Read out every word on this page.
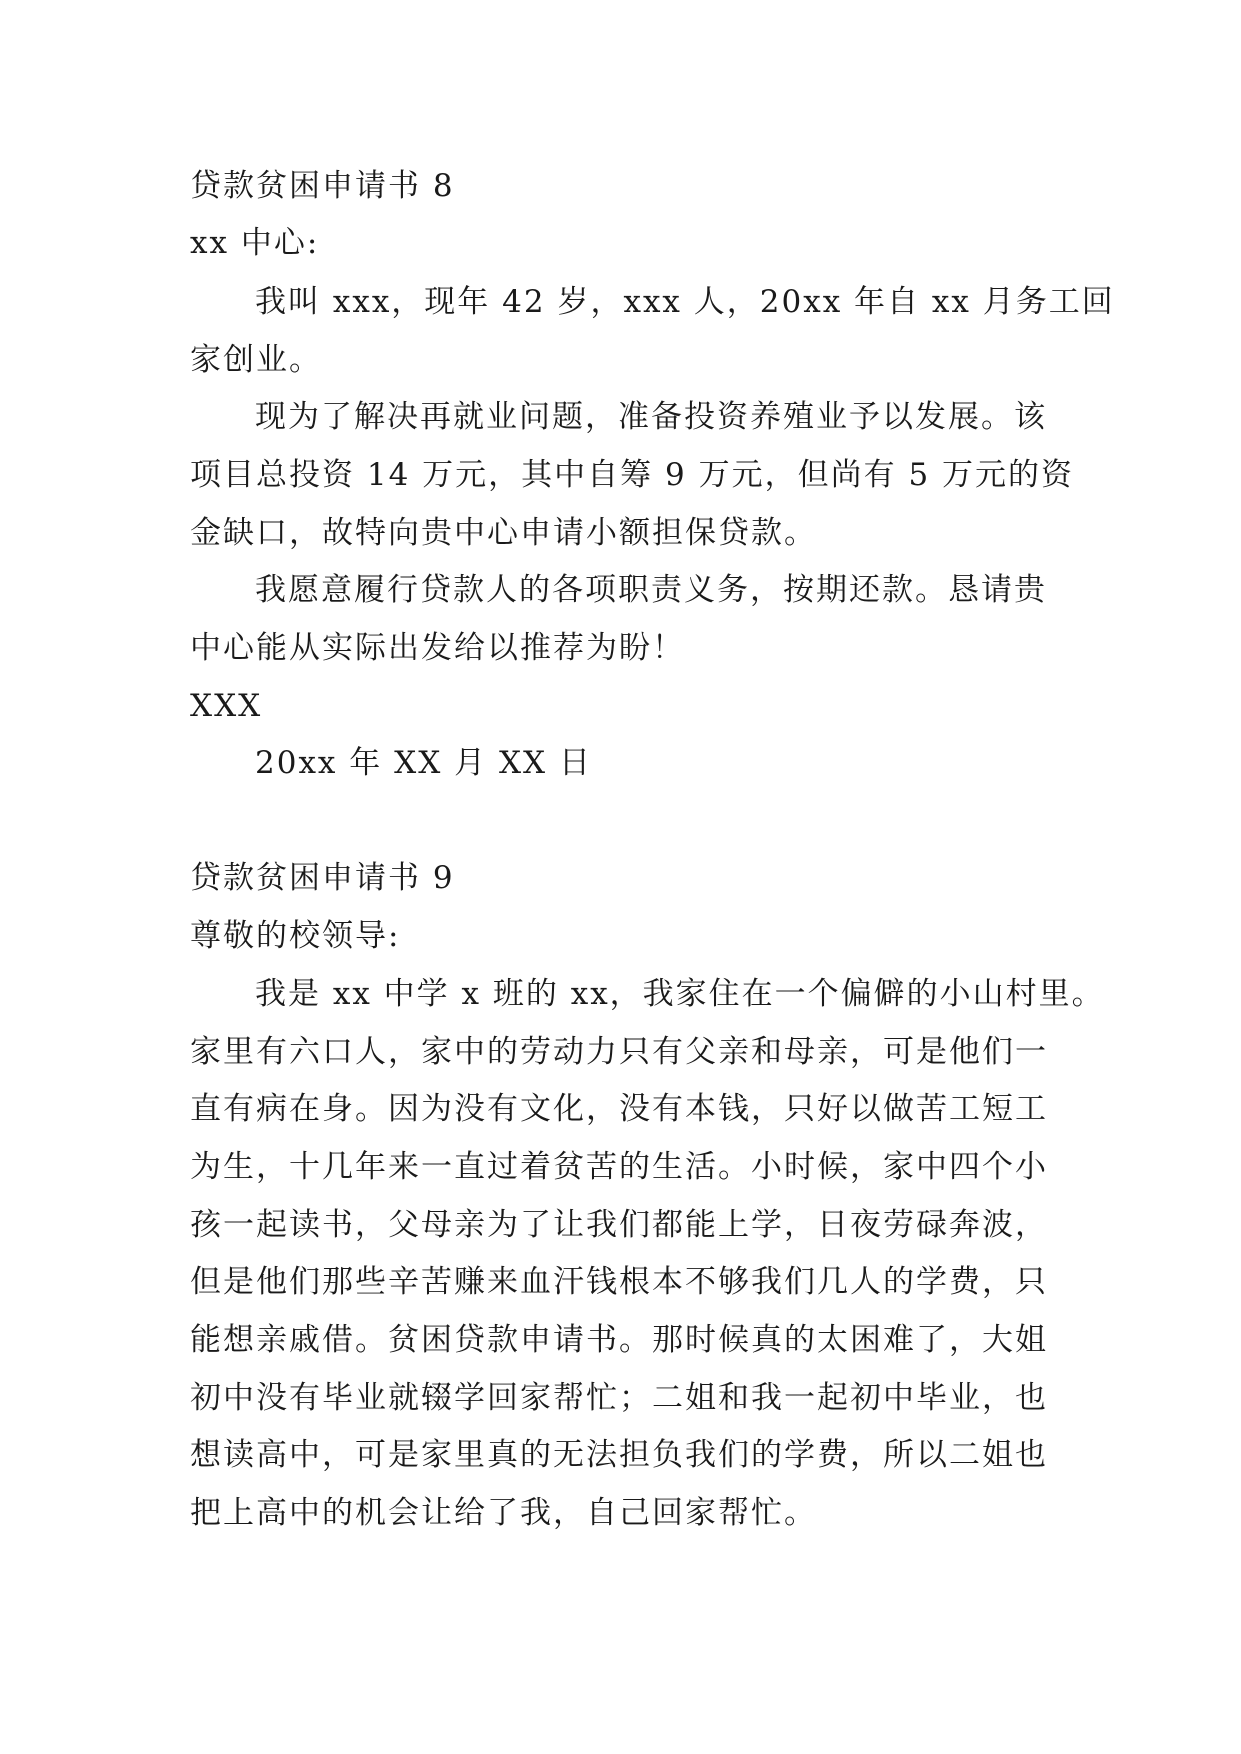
贷款贫困申请书 8
xx 中心:
我叫 xxx，现年 42 岁，xxx 人，20xx 年自 xx 月务工回
家创业。
现为了解决再就业问题，准备投资养殖业予以发展。该
项目总投资 14 万元，其中自筹 9 万元，但尚有 5 万元的资
金缺口，故特向贵中心申请小额担保贷款。
我愿意履行贷款人的各项职责义务，按期还款。恳请贵
中心能从实际出发给以推荐为盼！
XXX
20xx 年 XX 月 XX 日
贷款贫困申请书 9
尊敬的校领导:
我是 xx 中学 x 班的 xx，我家住在一个偏僻的小山村里。
家里有六口人，家中的劳动力只有父亲和母亲，可是他们一
直有病在身。因为没有文化，没有本钱，只好以做苦工短工
为生，十几年来一直过着贫苦的生活。小时候，家中四个小
孩一起读书，父母亲为了让我们都能上学，日夜劳碌奔波，
但是他们那些辛苦赚来血汗钱根本不够我们几人的学费，只
能想亲戚借。贫困贷款申请书。那时候真的太困难了，大姐
初中没有毕业就辍学回家帮忙；二姐和我一起初中毕业，也
想读高中，可是家里真的无法担负我们的学费，所以二姐也
把上高中的机会让给了我，自己回家帮忙。
